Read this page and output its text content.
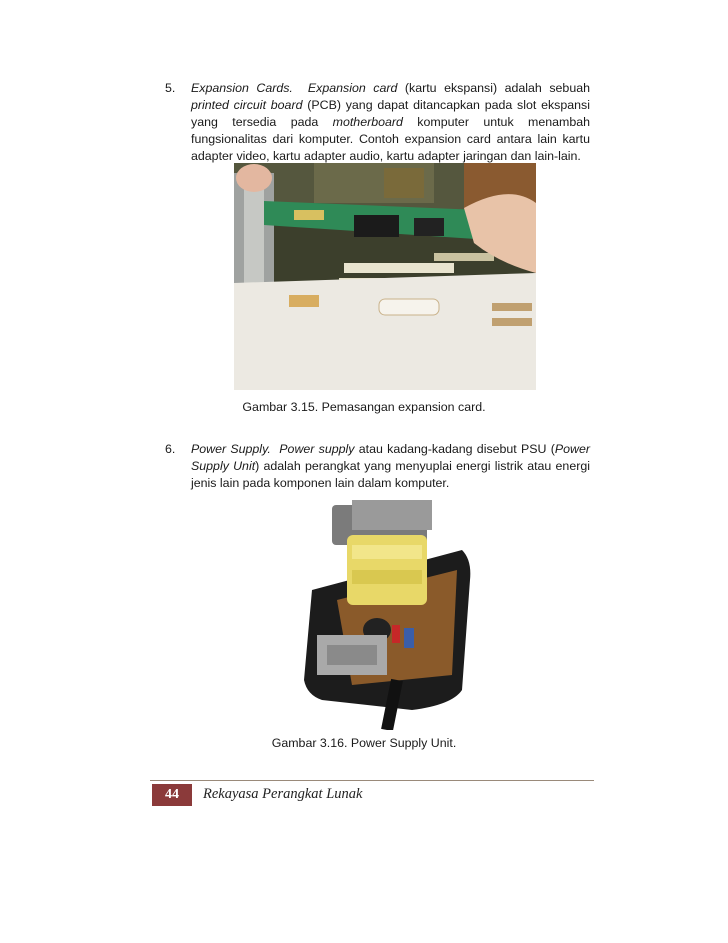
5. Expansion Cards. Expansion card (kartu ekspansi) adalah sebuah printed circuit board (PCB) yang dapat ditancapkan pada slot ekspansi yang tersedia pada motherboard komputer untuk menambah fungsionalitas dari komputer. Contoh expansion card antara lain kartu adapter video, kartu adapter audio, kartu adapter jaringan dan lain-lain.

Gambar 3.15. Pemasangan expansion card.
6. Power Supply. Power supply atau kadang-kadang disebut PSU (Power Supply Unit) adalah perangkat yang menyuplai energi listrik atau energi jenis lain pada komponen lain dalam komputer.

Gambar 3.16. Power Supply Unit.
44	Rekayasa Perangkat Lunak
